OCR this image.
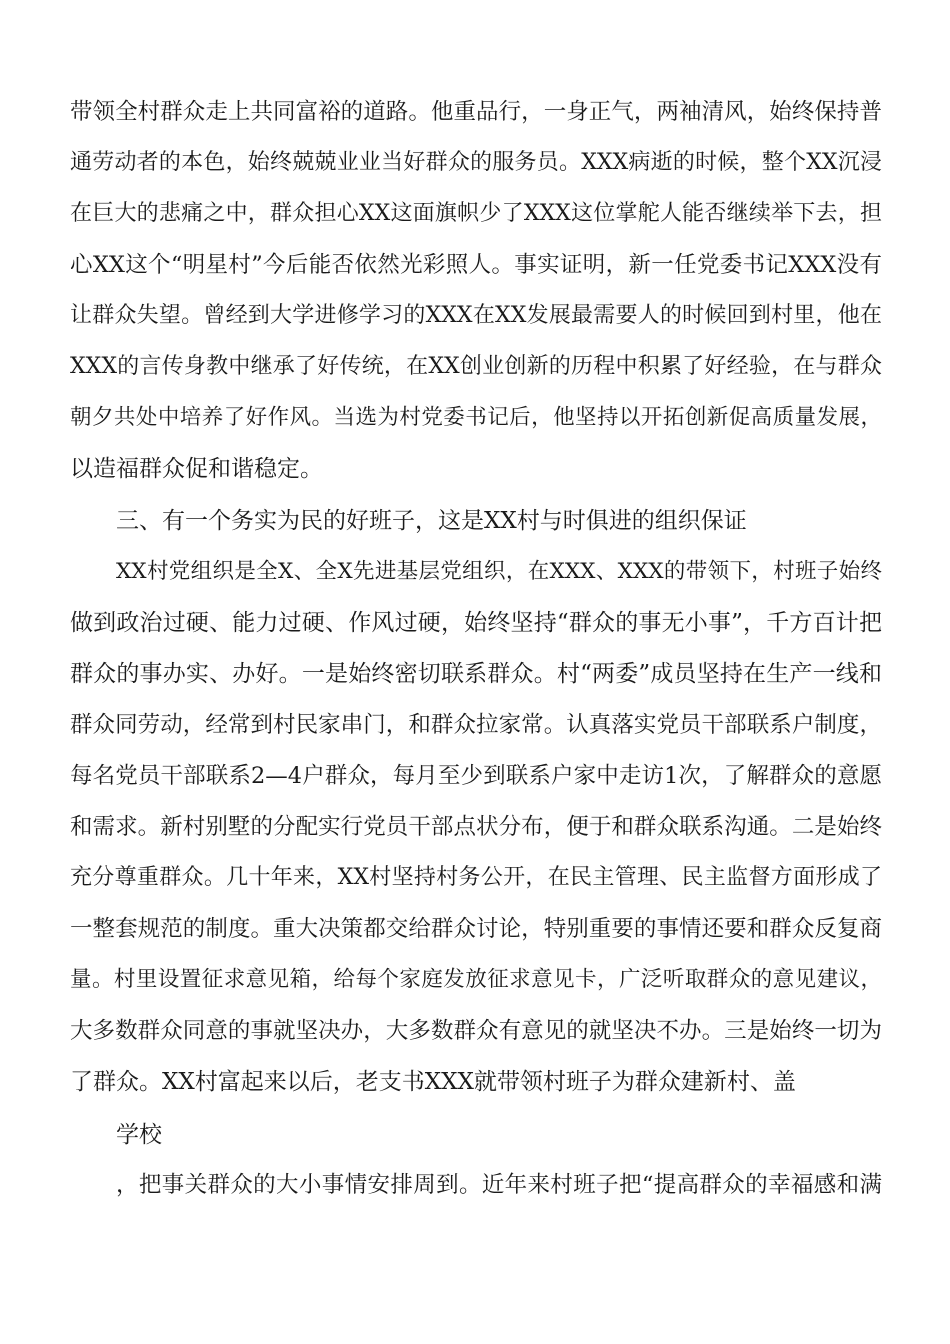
带领全村群众走上共同富裕的道路。他重品行，一身正气，两袖清风，始终保持普
通劳动者的本色，始终兢兢业业当好群众的服务员。XXX病逝的时候，整个XX沉浸
在巨大的悲痛之中，群众担心XX这面旗帜少了XXX这位掌舵人能否继续举下去，担
心XX这个“明星村”今后能否依然光彩照人。事实证明，新一任党委书记XXX没有
让群众失望。曾经到大学进修学习的XXX在XX发展最需要人的时候回到村里，他在
XXX的言传身教中继承了好传统，在XX创业创新的历程中积累了好经验，在与群众
朝夕共处中培养了好作风。当选为村党委书记后，他坚持以开拓创新促高质量发展，
以造福群众促和谐稳定。
三、有一个务实为民的好班子，这是XX村与时俱进的组织保证
XX村党组织是全X、全X先进基层党组织，在XXX、XXX的带领下，村班子始终
做到政治过硬、能力过硬、作风过硬，始终坚持“群众的事无小事”，千方百计把
群众的事办实、办好。一是始终密切联系群众。村“两委”成员坚持在生产一线和
群众同劳动，经常到村民家串门，和群众拉家常。认真落实党员干部联系户制度，
每名党员干部联系2—4户群众，每月至少到联系户家中走访1次，了解群众的意愿
和需求。新村别墅的分配实行党员干部点状分布，便于和群众联系沟通。二是始终
充分尊重群众。几十年来，XX村坚持村务公开，在民主管理、民主监督方面形成了
一整套规范的制度。重大决策都交给群众讨论，特别重要的事情还要和群众反复商
量。村里设置征求意见箱，给每个家庭发放征求意见卡，广泛听取群众的意见建议，
大多数群众同意的事就坚决办，大多数群众有意见的就坚决不办。三是始终一切为
了群众。XX村富起来以后，老支书XXX就带领村班子为群众建新村、盖
学校
，把事关群众的大小事情安排周到。近年来村班子把“提高群众的幸福感和满
